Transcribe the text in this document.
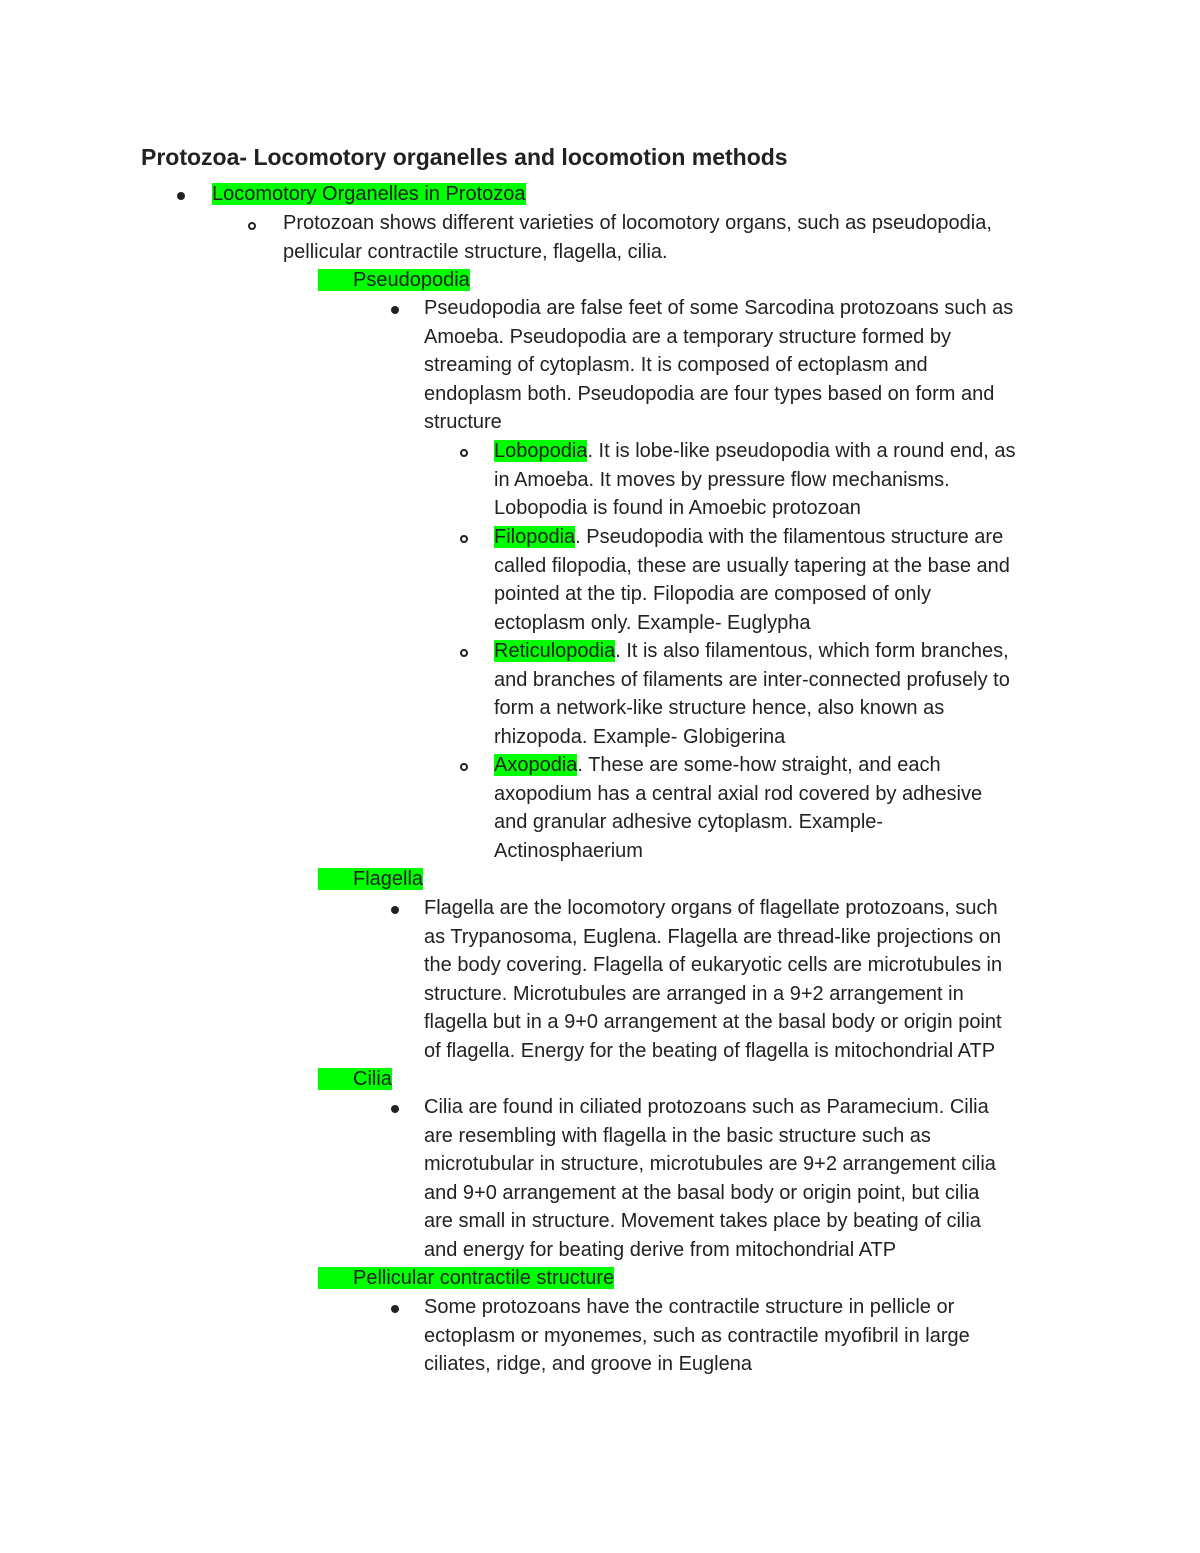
Protozoa- Locomotory organelles and locomotion methods
Locomotory Organelles in Protozoa
Protozoan shows different varieties of locomotory organs, such as pseudopodia,
pellicular contractile structure, flagella, cilia.
Pseudopodia
Pseudopodia are false feet of some Sarcodina protozoans such as
Amoeba. Pseudopodia are a temporary structure formed by
streaming of cytoplasm. It is composed of ectoplasm and
endoplasm both. Pseudopodia are four types based on form and
structure
Lobopodia. It is lobe-like pseudopodia with a round end, as
in Amoeba. It moves by pressure flow mechanisms.
Lobopodia is found in Amoebic protozoan
Filopodia. Pseudopodia with the filamentous structure are
called filopodia, these are usually tapering at the base and
pointed at the tip. Filopodia are composed of only
ectoplasm only. Example- Euglypha
Reticulopodia. It is also filamentous, which form branches,
and branches of filaments are inter-connected profusely to
form a network-like structure hence, also known as
rhizopoda. Example- Globigerina
Axopodia. These are some-how straight, and each
axopodium has a central axial rod covered by adhesive
and granular adhesive cytoplasm. Example-
Actinosphaerium
Flagella
Flagella are the locomotory organs of flagellate protozoans, such
as Trypanosoma, Euglena. Flagella are thread-like projections on
the body covering. Flagella of eukaryotic cells are microtubules in
structure. Microtubules are arranged in a 9+2 arrangement in
flagella but in a 9+0 arrangement at the basal body or origin point
of flagella. Energy for the beating of flagella is mitochondrial ATP
Cilia
Cilia are found in ciliated protozoans such as Paramecium. Cilia
are resembling with flagella in the basic structure such as
microtubular in structure, microtubules are 9+2 arrangement cilia
and 9+0 arrangement at the basal body or origin point, but cilia
are small in structure. Movement takes place by beating of cilia
and energy for beating derive from mitochondrial ATP
Pellicular contractile structure
Some protozoans have the contractile structure in pellicle or
ectoplasm or myonemes, such as contractile myofibril in large
ciliates, ridge, and groove in Euglena
